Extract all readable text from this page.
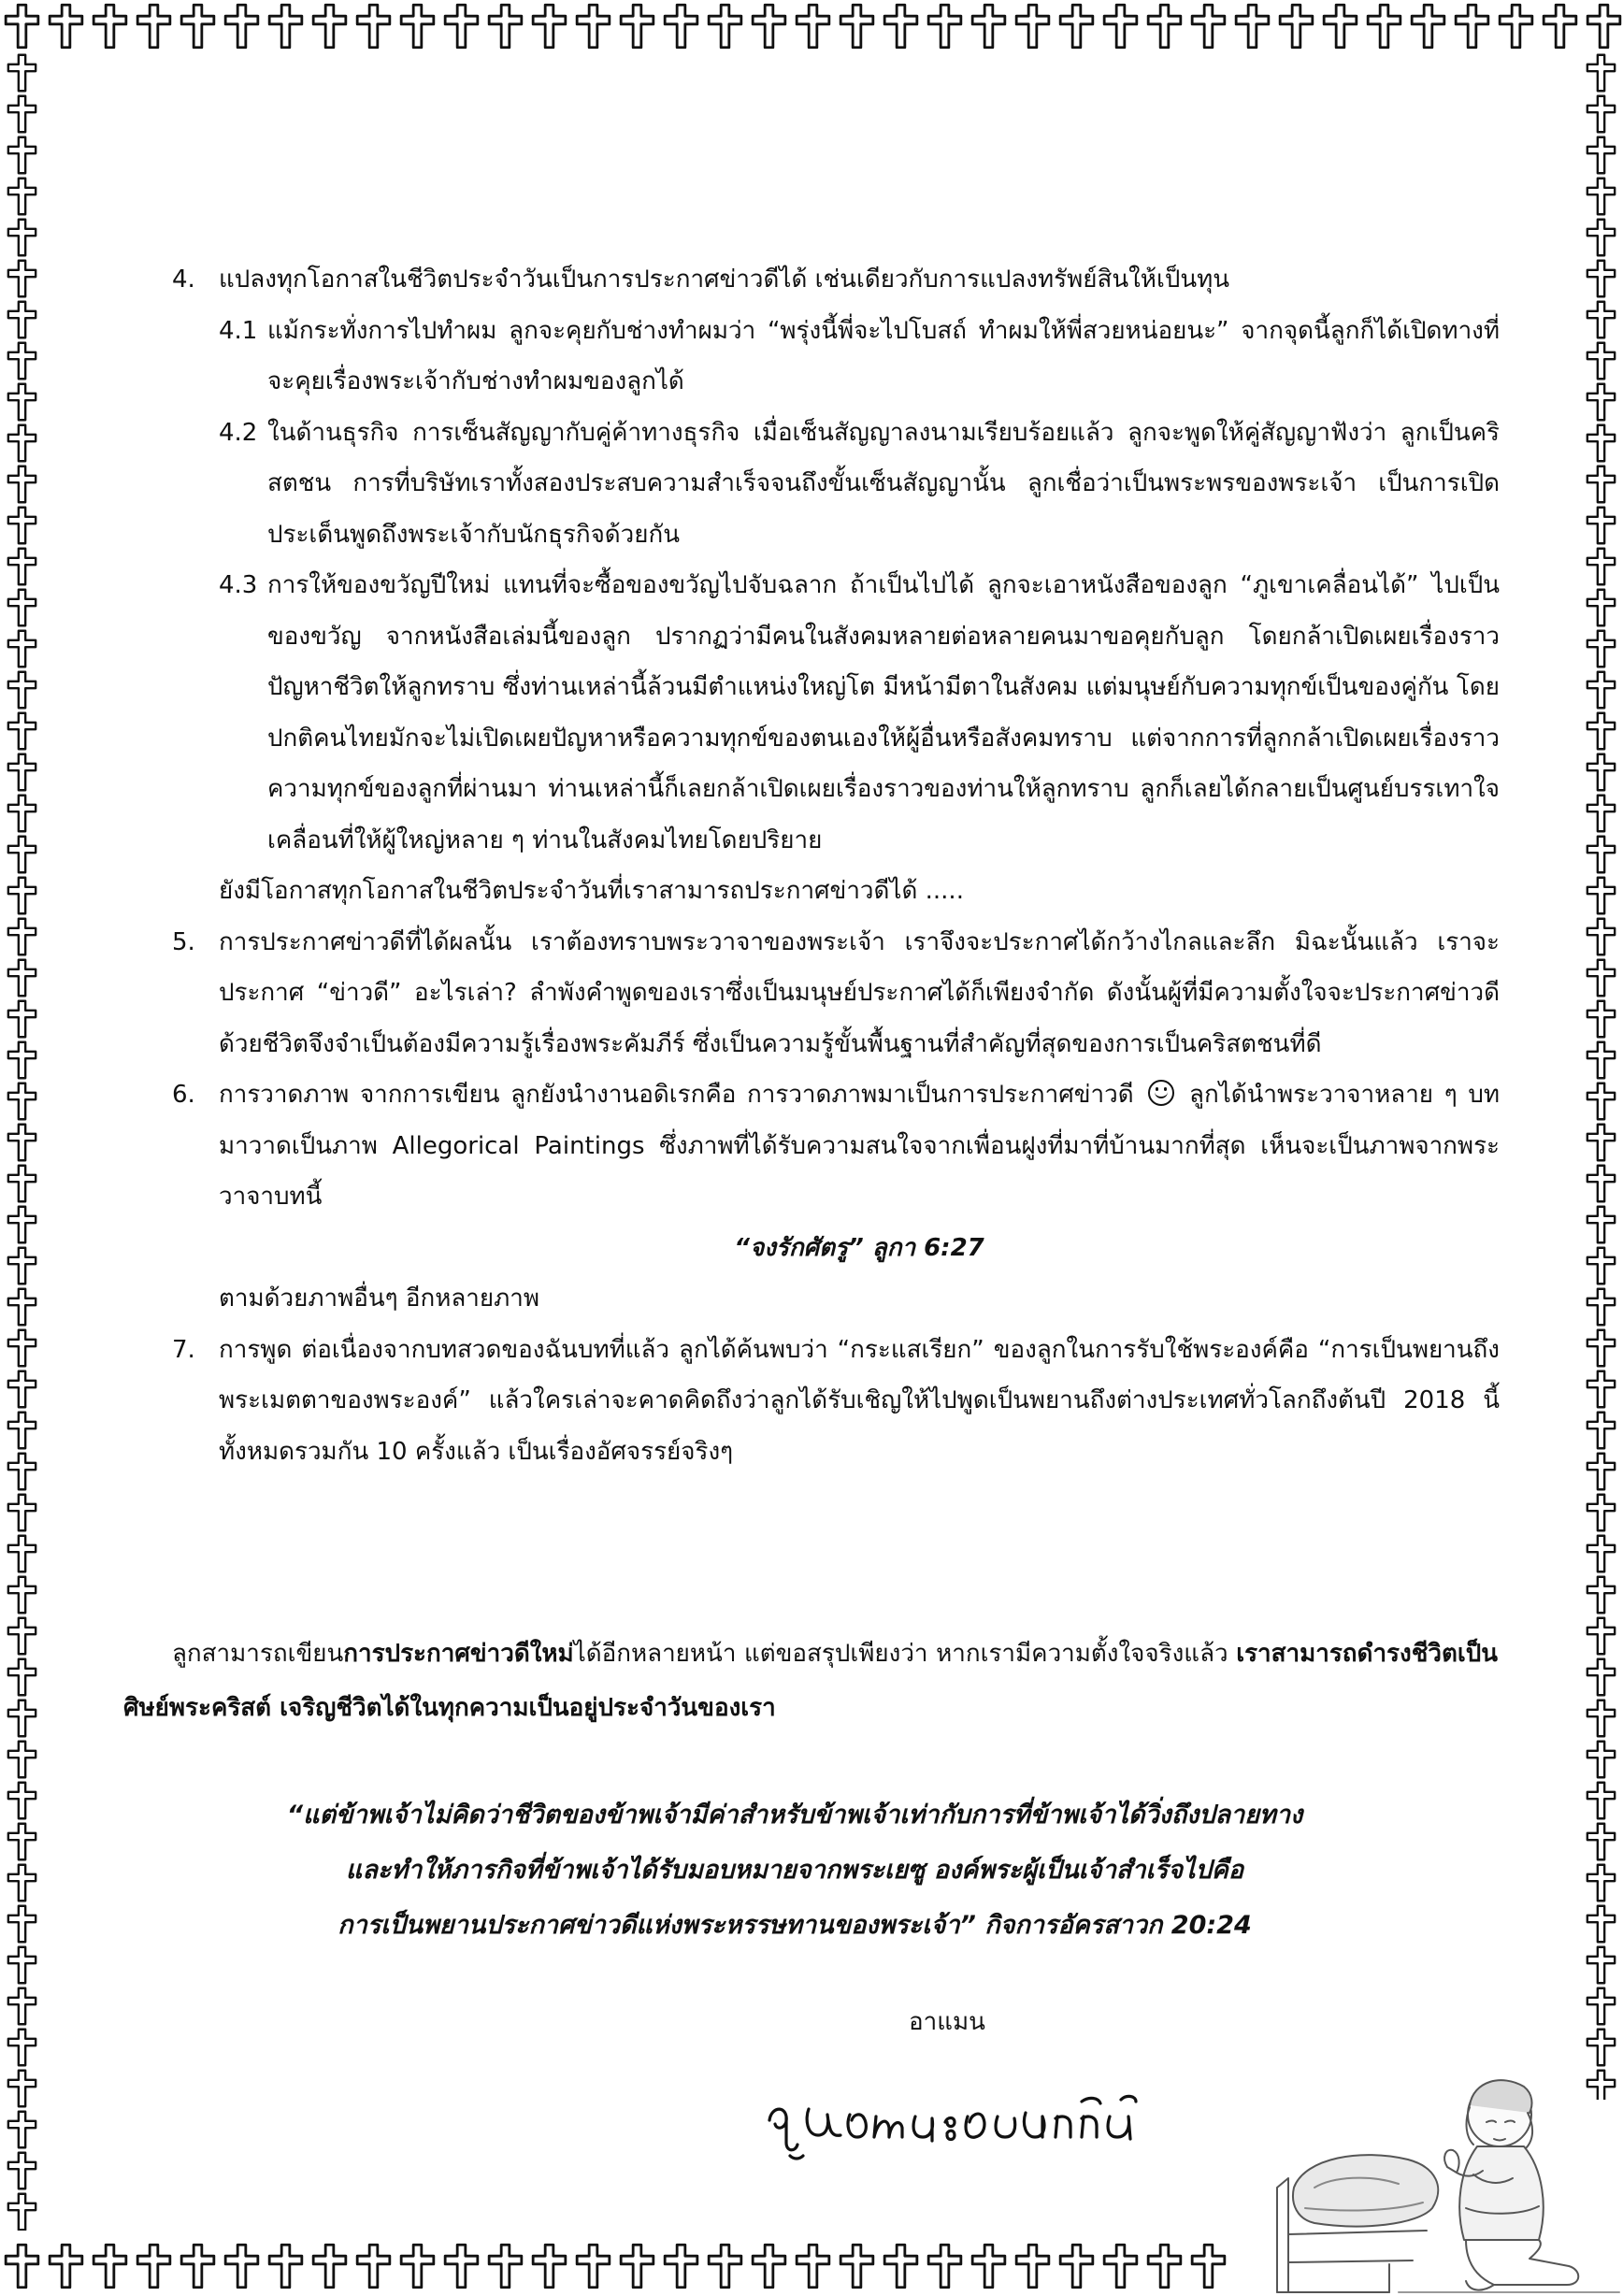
4. แปลงทุกโอกาสในชีวิตประจำวันเป็นการประกาศข่าวดีได้ เช่นเดียวกับการแปลงทรัพย์สินให้เป็นทุน
4.1 แม้กระทั่งการไปทำผม ลูกจะคุยกับช่างทำผมว่า “พรุ่งนี้พี่จะไปโบสถ์ ทำผมให้พี่สวยหน่อยนะ” จากจุดนี้ลูกก็ได้เปิดทางที่จะคุยเรื่องพระเจ้ากับช่างทำผมของลูกได้
4.2 ในด้านธุรกิจ การเซ็นสัญญากับคู่ค้าทางธุรกิจ เมื่อเซ็นสัญญาลงนามเรียบร้อยแล้ว ลูกจะพูดให้คู่สัญญาฟังว่า ลูกเป็นคริสตชน การที่บริษัทเราทั้งสองประสบความสำเร็จจนถึงขั้นเซ็นสัญญานั้น ลูกเชื่อว่าเป็นพระพรของพระเจ้า เป็นการเปิดประเด็นพูดถึงพระเจ้ากับนักธุรกิจด้วยกัน
4.3 การให้ของขวัญปีใหม่ แทนที่จะซื้อของขวัญไปจับฉลาก ถ้าเป็นไปได้ ลูกจะเอาหนังสือของลูก “ภูเขาเคลื่อนได้” ไปเป็นของขวัญ จากหนังสือเล่มนี้ของลูก ปรากฏว่ามีคนในสังคมหลายต่อหลายคนมาขอคุยกับลูก โดยกล้าเปิดเผยเรื่องราวปัญหาชีวิตให้ลูกทราบ ซึ่งท่านเหล่านี้ล้วนมีตำแหน่งใหญ่โต มีหน้ามีตาในสังคม แต่มนุษย์กับความทุกข์เป็นของคู่กัน โดยปกติคนไทยมักจะไม่เปิดเผยปัญหาหรือความทุกข์ของตนเองให้ผู้อื่นหรือสังคมทราบ แต่จากการที่ลูกกล้าเปิดเผยเรื่องราวความทุกข์ของลูกที่ผ่านมา ท่านเหล่านี้ก็เลยกล้าเปิดเผยเรื่องราวของท่านให้ลูกทราบ ลูกก็เลยได้กลายเป็นศูนย์บรรเทาใจเคลื่อนที่ให้ผู้ใหญ่หลาย ๆ ท่านในสังคมไทยโดยปริยาย
ยังมีโอกาสทุกโอกาสในชีวิตประจำวันที่เราสามารถประกาศข่าวดีได้ .....
5. การประกาศข่าวดีที่ได้ผลนั้น เราต้องทราบพระวาจาของพระเจ้า เราจึงจะประกาศได้กว้างไกลและลึก มิฉะนั้นแล้ว เราจะประกาศ “ข่าวดี” อะไรเล่า? ลำพังคำพูดของเราซึ่งเป็นมนุษย์ประกาศได้ก็เพียงจำกัด ดังนั้นผู้ที่มีความตั้งใจจะประกาศข่าวดีด้วยชีวิตจึงจำเป็นต้องมีความรู้เรื่องพระคัมภีร์ ซึ่งเป็นความรู้ขั้นพื้นฐานที่สำคัญที่สุดของการเป็นคริสตชนที่ดี
6. การวาดภาพ จากการเขียน ลูกยังนำงานอดิเรกคือ การวาดภาพมาเป็นการประกาศข่าวดี ลูกได้นำพระวาจาหลาย ๆ บทมาวาดเป็นภาพ Allegorical Paintings ซึ่งภาพที่ได้รับความสนใจจากเพื่อนฝูงที่มาที่บ้านมากที่สุด เห็นจะเป็นภาพจากพระวาจาบทนี้
“จงรักศัตรู” ลูกา 6:27
ตามด้วยภาพอื่นๆ อีกหลายภาพ
7. การพูด ต่อเนื่องจากบทสวดของฉันบทที่แล้ว ลูกได้ค้นพบว่า “กระแสเรียก” ของลูกในการรับใช้พระองค์คือ “การเป็นพยานถึงพระเมตตาของพระองค์” แล้วใครเล่าจะคาดคิดถึงว่าลูกได้รับเชิญให้ไปพูดเป็นพยานถึงต่างประเทศทั่วโลกถึงต้นปี 2018 นี้ ทั้งหมดรวมกัน 10 ครั้งแล้ว เป็นเรื่องอัศจรรย์จริงๆ
ลูกสามารถเขียนการประกาศข่าวดีใหม่ได้อีกหลายหน้า แต่ขอสรุปเพียงว่า หากเรามีความตั้งใจจริงแล้ว เราสามารถดำรงชีวิตเป็นศิษย์พระคริสต์ เจริญชีวิตได้ในทุกความเป็นอยู่ประจำวันของเรา
“แต่ข้าพเจ้าไม่คิดว่าชีวิตของข้าพเจ้ามีค่าสำหรับข้าพเจ้าเท่ากับการที่ข้าพเจ้าได้วิ่งถึงปลายทาง
และทำให้ภารกิจที่ข้าพเจ้าได้รับมอบหมายจากพระเยซู องค์พระผู้เป็นเจ้าสำเร็จไปคือ
การเป็นพยานประกาศข่าวดีแห่งพระหรรษทานของพระเจ้า” กิจการอัครสาวก 20:24
อาแมน
